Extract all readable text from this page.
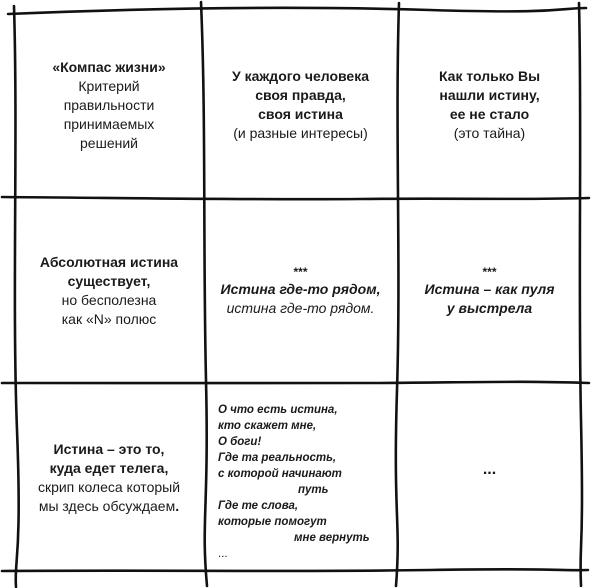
«Компас жизни»
Критерий
правильности
принимаемых
решений
У каждого человека
своя правда,
своя истина
(и разные интересы)
Как только Вы
нашли истину,
ее не стало
(это тайна)
Абсолютная истина
существует,
но бесполезна
как «N» полюс
***
Истина где-то рядом,
истина где-то рядом.
***
Истина – как пуля
у выстрела
Истина – это то,
куда едет телега,
скрип колеса который
мы здесь обсуждаем.
О что есть истина,
кто скажет мне,
О боги!
Где та реальность,
с которой начинают
путь
Где те слова,
которые помогут
мне вернуть
...
...
